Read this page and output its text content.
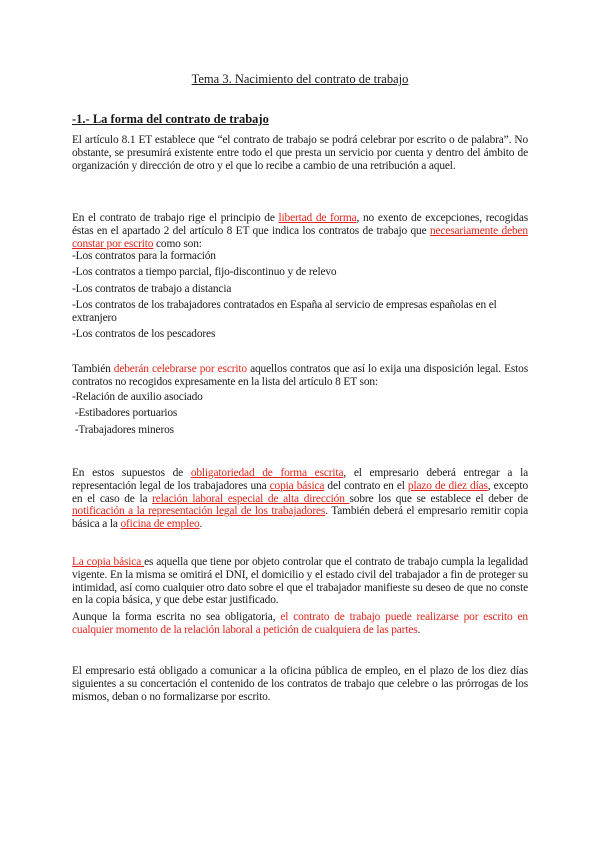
Tema 3. Nacimiento del contrato de trabajo
-1.- La forma del contrato de trabajo

El artículo 8.1 ET establece que “el contrato de trabajo se podrá celebrar por escrito o de palabra”. No obstante, se presumirá existente entre todo el que presta un servicio por cuenta y dentro del ámbito de organización y dirección de otro y el que lo recibe a cambio de una retribución a aquel.

En el contrato de trabajo rige el principio de libertad de forma, no exento de excepciones, recogidas éstas en el apartado 2 del artículo 8 ET que indica los contratos de trabajo que necesariamente deben constar por escrito como son:

-Los contratos para la formación
-Los contratos a tiempo parcial, fijo-discontinuo y de relevo
-Los contratos de trabajo a distancia
-Los contratos de los trabajadores contratados en España al servicio de empresas españolas en el extranjero
-Los contratos de los pescadores

También deberán celebrarse por escrito aquellos contratos que así lo exija una disposición legal. Estos contratos no recogidos expresamente en la lista del artículo 8 ET son:

-Relación de auxilio asociado
-Estibadores portuarios
-Trabajadores mineros

En estos supuestos de obligatoriedad de forma escrita, el empresario deberá entregar a la representación legal de los trabajadores una copia básica del contrato en el plazo de diez días, excepto en el caso de la relación laboral especial de alta dirección sobre los que se establece el deber de notificación a la representación legal de los trabajadores. También deberá el empresario remitir copia básica a la oficina de empleo.

La copia básica es aquella que tiene por objeto controlar que el contrato de trabajo cumpla la legalidad vigente. En la misma se omitirá el DNI, el domicilio y el estado civil del trabajador a fin de proteger su intimidad, así como cualquier otro dato sobre el que el trabajador manifieste su deseo de que no conste en la copia básica, y que debe estar justificado.

Aunque la forma escrita no sea obligatoria, el contrato de trabajo puede realizarse por escrito en cualquier momento de la relación laboral a petición de cualquiera de las partes.

El empresario está obligado a comunicar a la oficina pública de empleo, en el plazo de los diez días siguientes a su concertación el contenido de los contratos de trabajo que celebre o las prórrogas de los mismos, deban o no formalizarse por escrito.
